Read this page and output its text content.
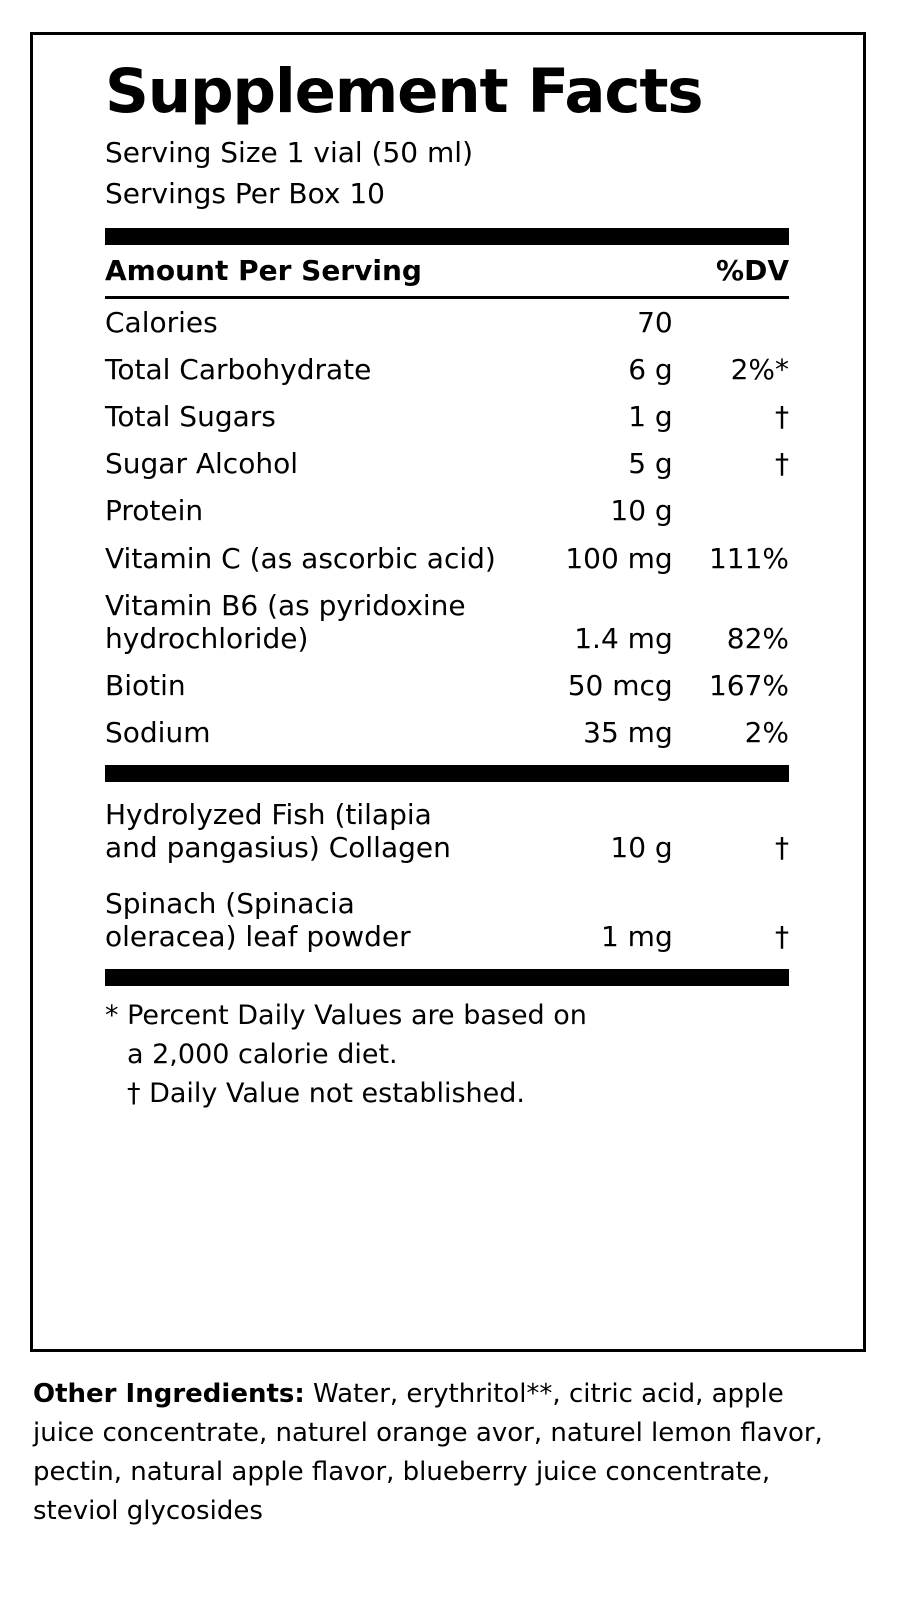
Supplement Facts
Serving Size 1 vial (50 ml)
Servings Per Box 10
Amount Per Serving		%DV

Calories	70	
Total Carbohydrate	6 g	2%*
Total Sugars	1 g	†
Sugar Alcohol	5 g	†
Protein	10 g	
Vitamin C (as ascorbic acid)	100 mg	111%
Vitamin B6 (as pyridoxine hydrochloride)	1.4 mg	82%
Biotin	50 mcg	167%
Sodium	35 mg	2%

Hydrolyzed Fish (tilapia and pangasius) Collagen	10 g	†
Spinach (Spinacia oleracea) leaf powder	1 mg	†

* Percent Daily Values are based on
a 2,000 calorie diet.
† Daily Value not established.
Other Ingredients: Water, erythritol**, citric acid, apple juice concentrate, naturel orange avor, naturel lemon flavor, pectin, natural apple flavor, blueberry juice concentrate, steviol glycosides
